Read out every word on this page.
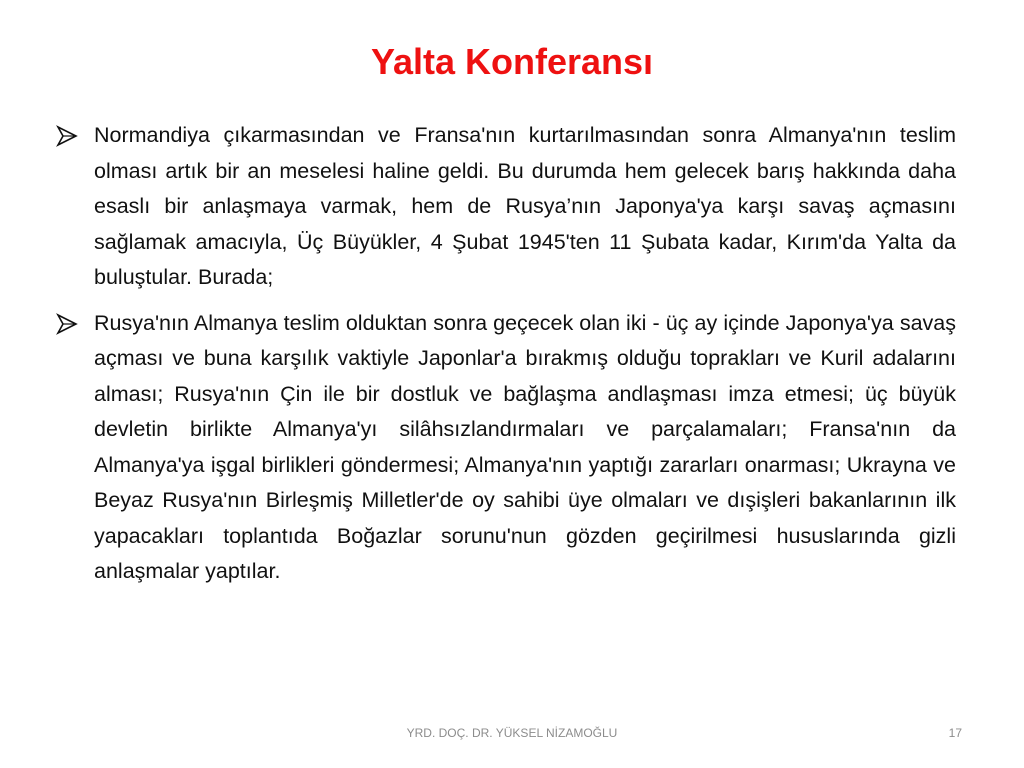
Yalta Konferansı
Normandiya çıkarmasından ve Fransa'nın kurtarılmasından sonra Almanya'nın teslim olması artık bir an meselesi haline geldi. Bu durumda hem gelecek barış hakkında daha esaslı bir anlaşmaya varmak, hem de Rusya’nın Japonya'ya karşı savaş açmasını sağlamak amacıyla, Üç Büyükler, 4 Şubat 1945'ten 11 Şubata kadar, Kırım'da Yalta da buluştular. Burada;
Rusya'nın Almanya teslim olduktan sonra geçecek olan iki - üç ay içinde Japonya'ya savaş açması ve buna karşılık vaktiyle Japonlar'a bırakmış olduğu toprakları ve Kuril adalarını alması; Rusya'nın Çin ile bir dostluk ve bağlaşma andlaşması imza etmesi; üç büyük devletin birlikte Almanya'yı silâhsızlandırmaları ve parçalamaları; Fransa'nın da Almanya'ya işgal birlikleri göndermesi; Almanya'nın yaptığı zararları onarması; Ukrayna ve Beyaz Rusya'nın Birleşmiş Milletler'de oy sahibi üye olmaları ve dışişleri bakanlarının ilk yapacakları toplantıda Boğazlar sorunu'nun gözden geçirilmesi hususlarında gizli anlaşmalar yaptılar.
YRD. DOÇ. DR. YÜKSEL NİZAMOĞLU	17
